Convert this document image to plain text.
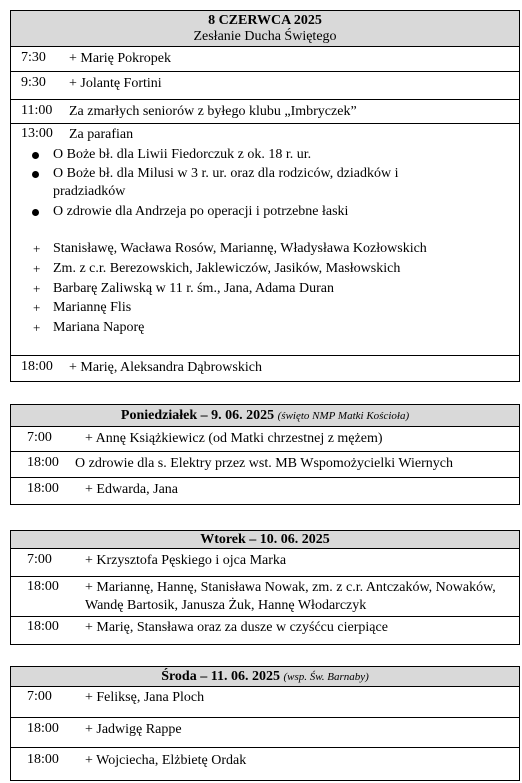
8 CZERWCA 2025
Zesłanie Ducha Świętego
7:30 + Marię Pokropek
9:30 + Jolantę Fortini
11:00 Za zmarłych seniorów z byłego klubu „Imbryczek”
13:00 Za parafian
O Boże bł. dla Liwii Fiedorczuk z ok. 18 r. ur.
O Boże bł. dla Milusi w 3 r. ur. oraz dla rodziców, dziadków i
pradziadków
O zdrowie dla Andrzeja po operacji i potrzebne łaski
+ Stanisławę, Wacława Rosów, Mariannę, Władysława Kozłowskich
+ Zm. z c.r. Berezowskich, Jaklewiczów, Jasików, Masłowskich
+ Barbarę Zaliwską w 11 r. śm., Jana, Adama Duran
+ Mariannę Flis
+ Mariana Naporę
18:00 + Marię, Aleksandra Dąbrowskich
Poniedziałek – 9. 06. 2025 (święto NMP Matki Kościoła)
7:00 + Annę Książkiewicz (od Matki chrzestnej z mężem)
18:00 O zdrowie dla s. Elektry przez wst. MB Wspomożycielki Wiernych
18:00 + Edwarda, Jana
Wtorek – 10. 06. 2025
7:00 + Krzysztofa Pęskiego i ojca Marka
18:00 + Mariannę, Hannę, Stanisława Nowak, zm. z c.r. Antczaków, Nowaków, Wandę Bartosik, Janusza Żuk, Hannę Włodarczyk
18:00 + Marię, Stansława oraz za dusze w czyśćcu cierpiące
Środa – 11. 06. 2025 (wsp. Św. Barnaby)
7:00 + Feliksę, Jana Ploch
18:00 + Jadwigę Rappe
18:00 + Wojciecha, Elżbietę Ordak
